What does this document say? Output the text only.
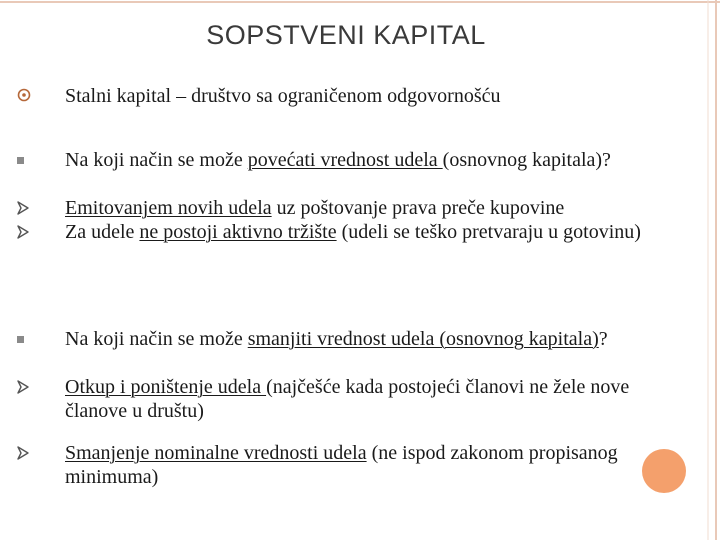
SOPSTVENI KAPITAL
Stalni kapital – društvo sa ograničenom odgovornošću
Na koji način se može povećati vrednost udela (osnovnog kapitala)?
Emitovanjem novih udela uz poštovanje prava preče kupovine
Za udele ne postoji aktivno tržište (udeli se teško pretvaraju u gotovinu)
Na koji način se može smanjiti vrednost udela (osnovnog kapitala)?
Otkup i poništenje udela (najčešće kada postojeći članovi ne žele nove članove u društu)
Smanjenje nominalne vrednosti udela (ne ispod zakonom propisanog minimuma)
